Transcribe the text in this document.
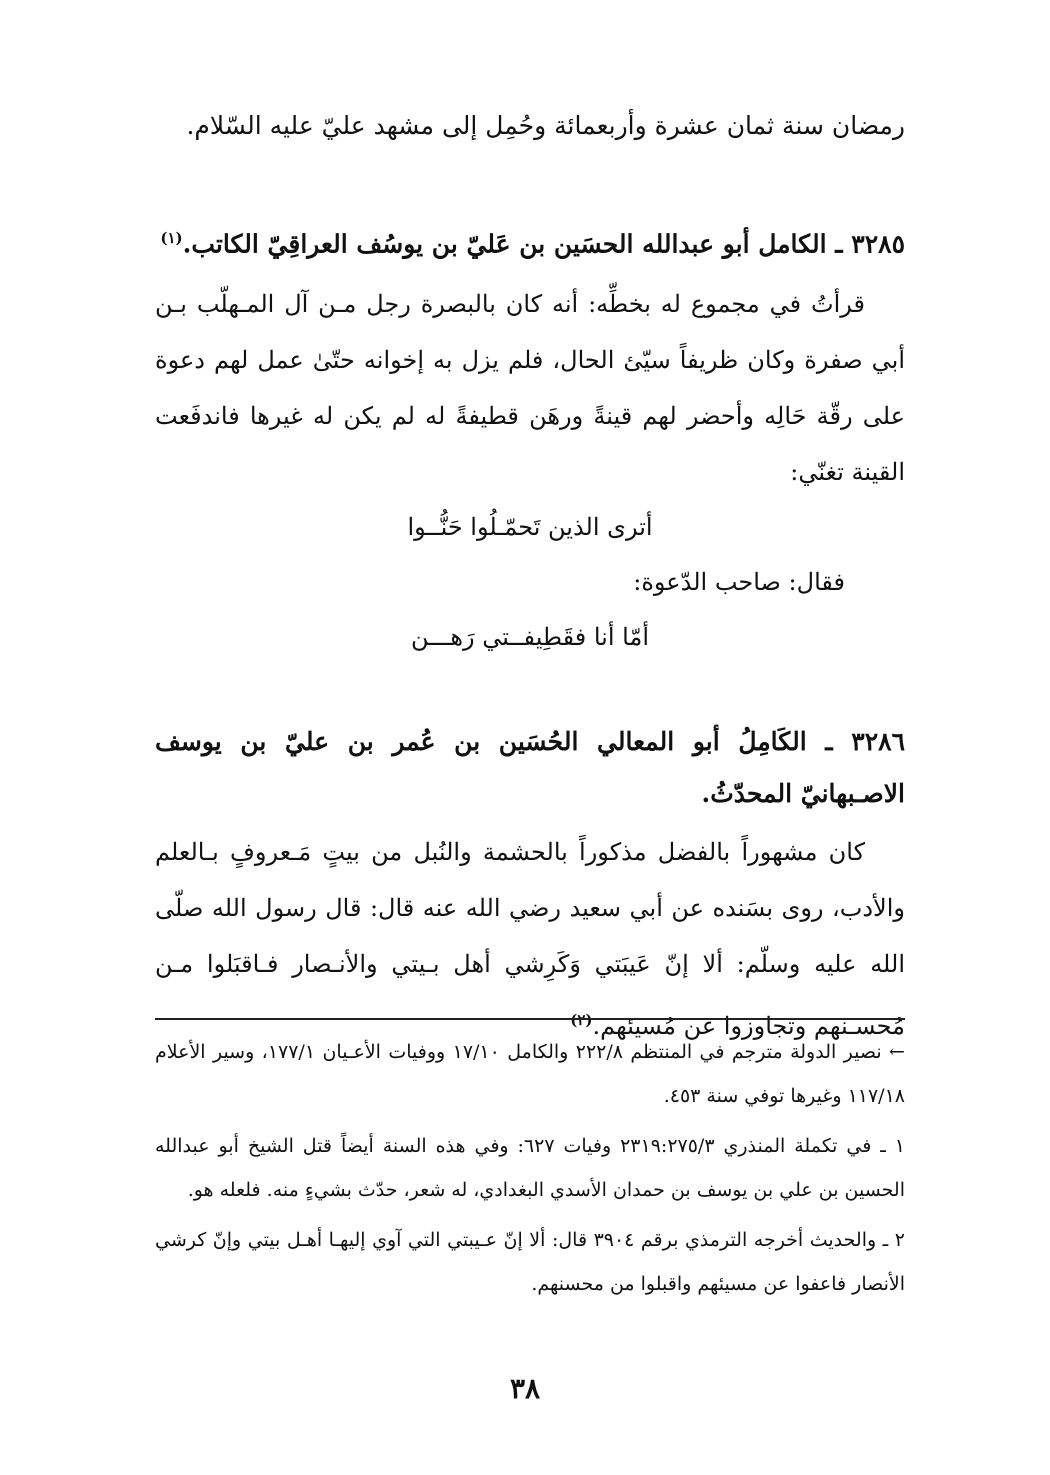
رمضان سنة ثمان عشرة وأربعمائة وحُمِل إلى مشهد عليّ عليه السّلام.

٣٢٨٥ ـ الكامل أبو عبدالله الحسَين بن عَليّ بن يوسُف العراقِيّ الكاتب.$^{(١)}$

قرأتُ في مجموع له بخطِّه: أنه كان بالبصرة رجل مـن آل المـهلّب بـن أبي صفرة وكان ظريفاً سيّئ الحال، فلم يزل به إخوانه حتّىٰ عمل لهم دعوة على رقّة حَالِه وأحضر لهم قينةً ورهَن قطيفةً له لم يكن له غيرها فاندفَعت القينة تغنّي:

أترى الذين تَحمّـلُوا حَنُّــوا

فقال: صاحب الدّعوة:

أمّا أنا فقَطِيفــتي رَهـــن

٣٢٨٦ ـ الكَامِلُ أبو المعالي الحُسَين بن عُمر بن عليّ بن يوسف الاصـبهانيّ المحدّثُ.

كان مشهوراً بالفضل مذكوراً بالحشمة والنُبل من بيتٍ مَـعروفٍ بـالعلم والأدب، روى بسَنده عن أبي سعيد رضي الله عنه قال: قال رسول الله صلّى الله عليه وسلّم: ألا إنّ عَيبَتي وَكَرِشي أهل بـيتي والأنـصار فـاقبَلوا مـن مُحسـنهم وتجاوزوا عن مُسيئهم.$^{(٢)}$

← نصير الدولة مترجم في المنتظم ٢٢٢/٨ والكامل ١٧/١٠ ووفيات الأعـيان ١٧٧/١، وسير الأعلام ١١٧/١٨ وغيرها توفي سنة ٤٥٣.

١ ـ في تكملة المنذري ٢٣١٩:٢٧٥/٣ وفيات ٦٢٧: وفي هذه السنة أيضاً قتل الشيخ أبو عبدالله الحسين بن علي بن يوسف بن حمدان الأسدي البغدادي، له شعر، حدّث بشيءٍ منه. فلعله هو.

٢ ـ والحديث أخرجه الترمذي برقم ٣٩٠٤ قال: ألا إنّ عـيبتي التي آوي إليهـا أهـل بيتي وإنّ كرشي الأنصار فاعفوا عن مسيئهم واقبلوا من محسنهم.

٣٨
